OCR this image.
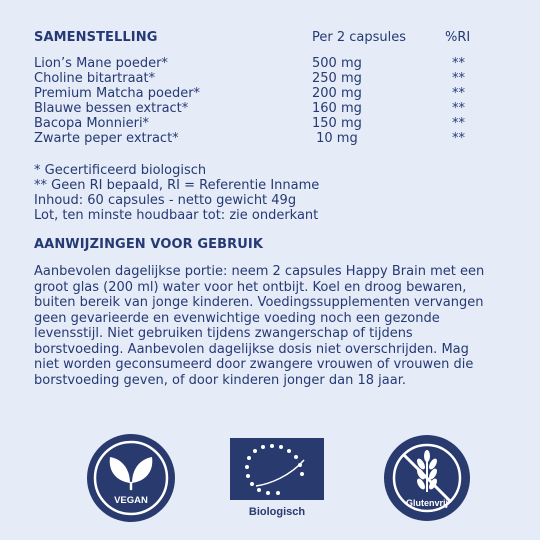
SAMENSTELLING	Per 2 capsules	%RI
Lion’s Mane poeder*	500 mg	**
Choline bitartraat*	250 mg	**
Premium Matcha poeder*	200 mg	**
Blauwe bessen extract*	160 mg	**
Bacopa Monnieri*	150 mg	**
Zwarte peper extract*	10 mg	**
* Gecertificeerd biologisch
** Geen RI bepaald, RI = Referentie Inname
Inhoud: 60 capsules - netto gewicht 49g
Lot, ten minste houdbaar tot: zie onderkant
AANWIJZINGEN VOOR GEBRUIK
Aanbevolen dagelijkse portie: neem 2 capsules Happy Brain met een
groot glas (200 ml) water voor het ontbijt. Koel en droog bewaren,
buiten bereik van jonge kinderen. Voedingssupplementen vervangen
geen gevarieerde en evenwichtige voeding noch een gezonde
levensstijl. Niet gebruiken tijdens zwangerschap of tijdens
borstvoeding. Aanbevolen dagelijkse dosis niet overschrijden. Mag
niet worden geconsumeerd door zwangere vrouwen of vrouwen die
borstvoeding geven, of door kinderen jonger dan 18 jaar.
VEGAN
Biologisch
Glutenvrij
